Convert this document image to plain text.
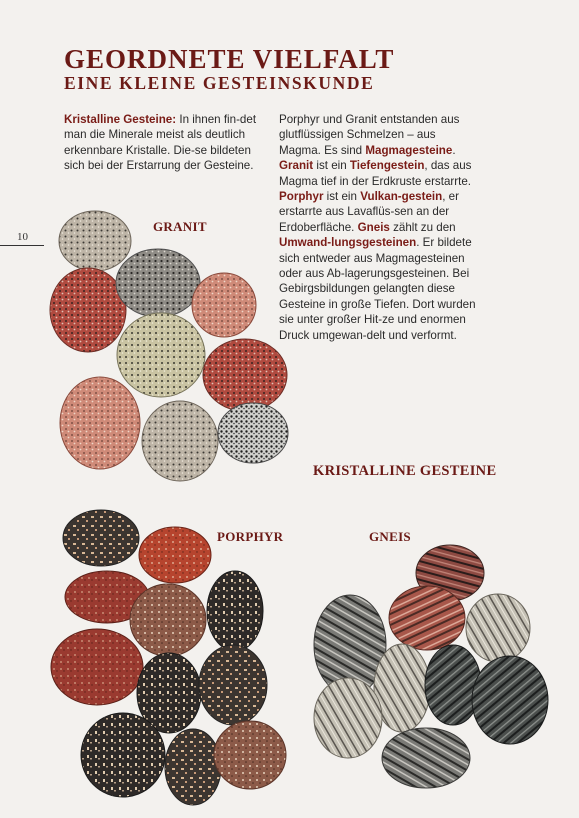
GEORDNETE VIELFALT
EINE KLEINE GESTEINSKUNDE

Kristalline Gesteine: In ihnen fin-det man die Minerale meist als deutlich erkennbare Kristalle. Die-se bildeten sich bei der Erstarrung der Gesteine.

Porphyr und Granit entstanden aus glutflüssigen Schmelzen – aus Magma. Es sind Magmagesteine. Granit ist ein Tiefengestein, das aus Magma tief in der Erdkruste erstarrte. Porphyr ist ein Vulkan-gestein, er erstarrte aus Lavaflüs-sen an der Erdoberfläche. Gneis zählt zu den Umwand-lungsgesteinen. Er bildete sich entweder aus Magmagesteinen oder aus Ab-lagerungsgesteinen. Bei Gebirgsbildungen gelangten diese Gesteine in große Tiefen. Dort wurden sie unter großer Hit-ze und enormen Druck umgewan-delt und verformt.

10
GRANIT
PORPHYR	GNEIS
KRISTALLINE GESTEINE
